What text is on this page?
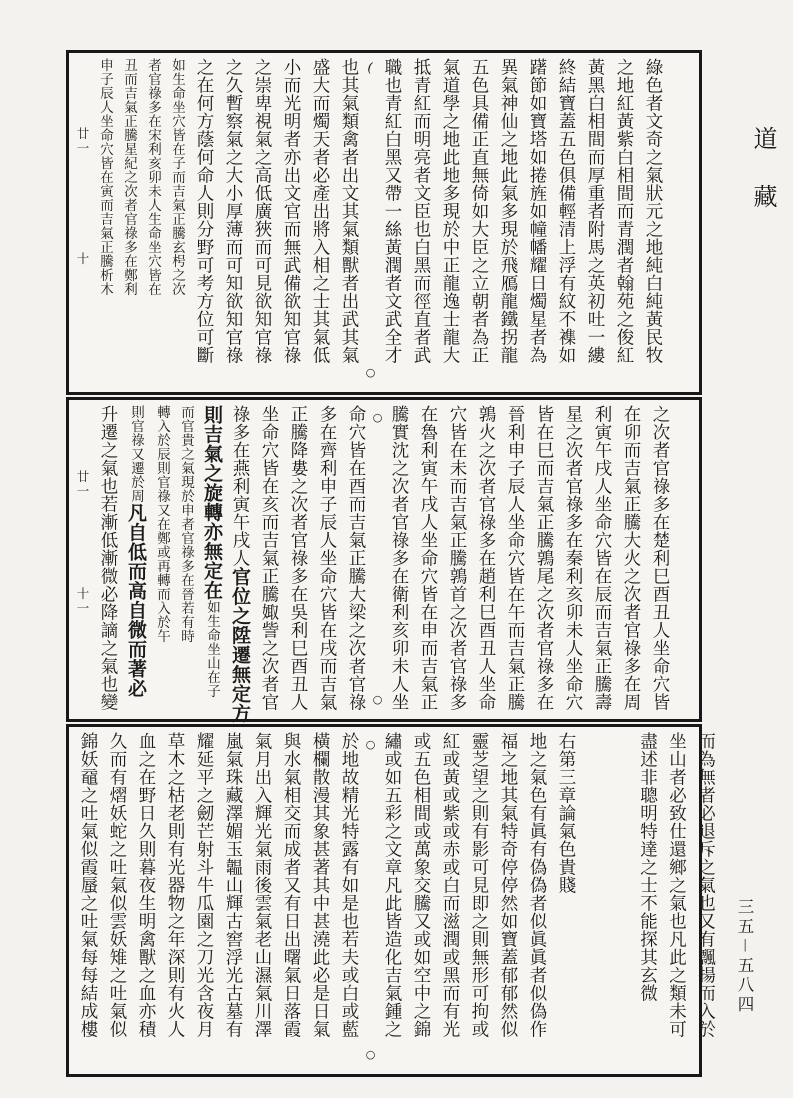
綠色者文奇之氣狀元之地純白純黃民牧
之地紅黃紫白相間而青潤者翰苑之俊紅
黃黑白相間而厚重者附馬之英初吐一縷
終結寶蓋五色俱備輕清上浮有紋不襍如
躇節如寶塔如捲旌如幢幡耀日燭星者為
異氣神仙之地此氣多現於飛鴈龍鐵拐龍
五色具備正直無倚如大臣之立朝者為正
氣道學之地此地多現於中正龍逸士龍大
抵青紅而明亮者文臣也白黑而徑直者武
職也青紅白黑又帶一絲黃潤者文武全才
)
○
也其氣類禽者出文其氣類獸者出武其氣
盛大而燭天者必產出將入相之士其氣低
小而光明者亦出文官而無武備欲知官祿
之崇卑視氣之高低廣狹而可見欲知官祿
之久暫察氣之大小厚薄而可知欲知官祿
之在何方蔭何命人則分野可考方位可斷
如生命坐穴皆在子而吉氣正騰玄枵之次
者官祿多在宋利亥卯未人生命坐穴皆在
丑而吉氣正騰星紀之次者官祿多在鄭利
申子辰人坐命穴皆在寅而吉氣正騰析木
廿一
十
之次者官祿多在楚利巳酉丑人坐命穴皆
在卯而吉氣正騰大火之次者官祿多在周
利寅午戌人坐命穴皆在辰而吉氣正騰壽
星之次者官祿多在秦利亥卯未人坐命穴
皆在巳而吉氣正騰鶉尾之次者官祿多在
晉利申子辰人坐命穴皆在午而吉氣正騰
鶉火之次者官祿多在趙利巳酉丑人坐命
穴皆在未而吉氣正騰鶉首之次者官祿多
在魯利寅午戌人坐命穴皆在申而吉氣正
騰實沈之次者官祿多在衛利亥卯未人坐
○
○
命穴皆在酉而吉氣正騰大梁之次者官祿
多在齊利申子辰人坐命穴皆在戌而吉氣
正騰降婁之次者官祿多在吳利巳酉丑人
坐命穴皆在亥而吉氣正騰娵訾之次者官
祿多在燕利寅午戌人官位之陞遷無定方
則吉氣之旋轉亦無定在如生命坐山在子
而官貴之氣現於申者官祿多在晉若有時
轉入於辰則官祿又在鄭或再轉而入於午
則官祿又遷於周凡自低而高自微而著必
升遷之氣也若漸低漸微必降謫之氣也變
廿一
十一
而為無者必退斥之氣也又有飄揚而入於
坐山者必致仕還鄉之氣也凡此之類未可
盡述非聰明特達之士不能探其玄微
右第三章論氣色貴賤
地之氣色有眞有偽偽者似眞眞者似偽作
福之地其氣特奇停停然如寶蓋郁郁然似
靈芝望之則有影可見即之則無形可拘或
紅或黃或紫或赤或白而滋潤或黑而有光
或五色相間或萬象交騰又或如空中之錦
繡或如五彩之文章凡此皆造化吉氣鍾之
○
○
於地故精光特露有如是也若夫或白或藍
橫欄散漫其象甚著其中甚澆此必是日氣
與水氣相交而成者又有日出曙氣日落霞
氣月出入輝光氣雨後雲氣老山濕氣川澤
嵐氣珠藏澤媚玉韞山輝古窖浮光古墓有
耀延平之劒芒射斗牛瓜園之刀光含夜月
草木之枯老則有光器物之年深則有火人
血之在野日久則暮夜生明禽獸之血亦積
久而有熠妖蛇之吐氣似雲妖雉之吐氣似
錦妖黿之吐氣似霞蜃之吐氣每每結成樓
道藏
三五－五八四
